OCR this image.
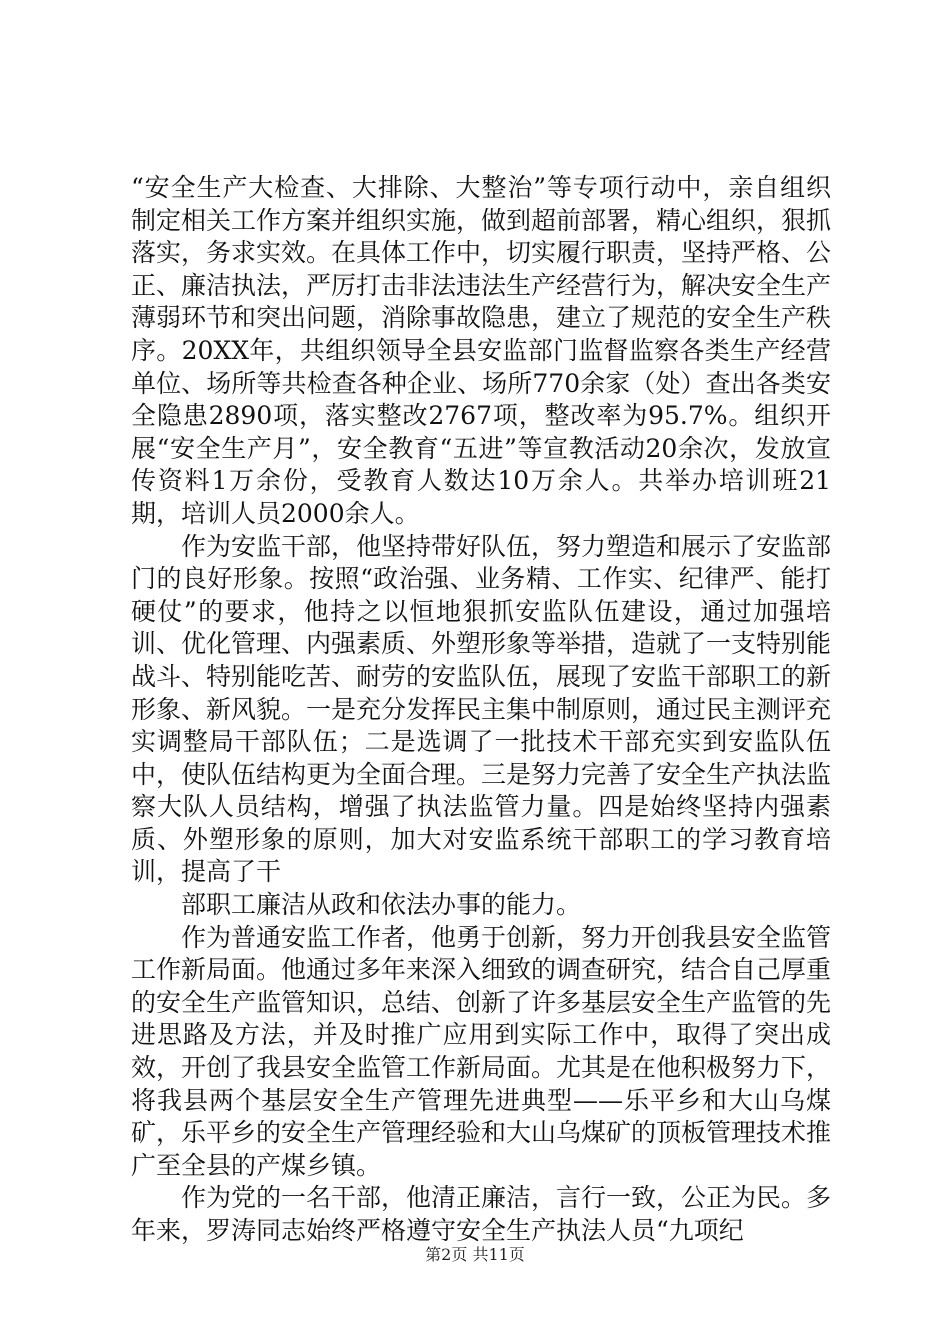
“安全生产大检查、大排除、大整治”等专项行动中，亲自组织制定相关工作方案并组织实施，做到超前部署，精心组织，狠抓落实，务求实效。在具体工作中，切实履行职责，坚持严格、公正、廉洁执法，严厉打击非法违法生产经营行为，解决安全生产薄弱环节和突出问题，消除事故隐患，建立了规范的安全生产秩序。20XX年，共组织领导全县安监部门监督监察各类生产经营单位、场所等共检查各种企业、场所770余家（处）查出各类安全隐患2890项，落实整改2767项，整改率为95.7%。组织开展“安全生产月”，安全教育“五进”等宣教活动20余次，发放宣传资料1万余份，受教育人数达10万余人。共举办培训班21期，培训人员2000余人。

作为安监干部，他坚持带好队伍，努力塑造和展示了安监部门的良好形象。按照“政治强、业务精、工作实、纪律严、能打硬仗”的要求，他持之以恒地狠抓安监队伍建设，通过加强培训、优化管理、内强素质、外塑形象等举措，造就了一支特别能战斗、特别能吃苦、耐劳的安监队伍，展现了安监干部职工的新形象、新风貌。一是充分发挥民主集中制原则，通过民主测评充实调整局干部队伍；二是选调了一批技术干部充实到安监队伍中，使队伍结构更为全面合理。三是努力完善了安全生产执法监察大队人员结构，增强了执法监管力量。四是始终坚持内强素质、外塑形象的原则，加大对安监系统干部职工的学习教育培训，提高了干

部职工廉洁从政和依法办事的能力。

作为普通安监工作者，他勇于创新，努力开创我县安全监管工作新局面。他通过多年来深入细致的调查研究，结合自己厚重的安全生产监管知识，总结、创新了许多基层安全生产监管的先进思路及方法，并及时推广应用到实际工作中，取得了突出成效，开创了我县安全监管工作新局面。尤其是在他积极努力下，将我县两个基层安全生产管理先进典型——乐平乡和大山乌煤矿，乐平乡的安全生产管理经验和大山乌煤矿的顶板管理技术推广至全县的产煤乡镇。

作为党的一名干部，他清正廉洁，言行一致，公正为民。多年来，罗涛同志始终严格遵守安全生产执法人员“九项纪

第2页 共11页
